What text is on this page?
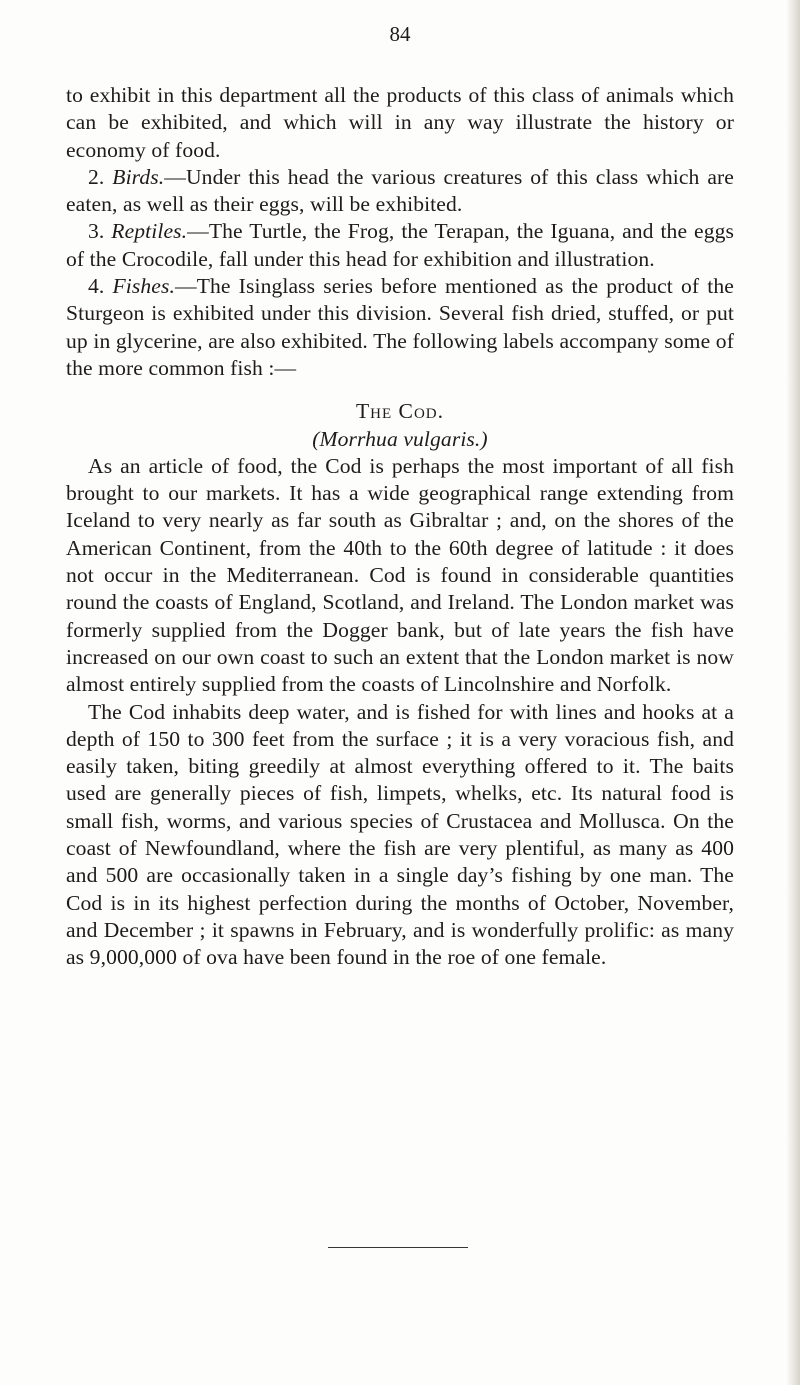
84

to exhibit in this department all the products of this class of animals which can be exhibited, and which will in any way illustrate the history or economy of food.

2. Birds.—Under this head the various creatures of this class which are eaten, as well as their eggs, will be exhibited.

3. Reptiles.—The Turtle, the Frog, the Terapan, the Iguana, and the eggs of the Crocodile, fall under this head for exhibition and illustration.

4. Fishes.—The Isinglass series before mentioned as the product of the Sturgeon is exhibited under this division. Several fish dried, stuffed, or put up in glycerine, are also exhibited. The following labels accompany some of the more common fish :—

The Cod.

(Morrhua vulgaris.)

As an article of food, the Cod is perhaps the most important of all fish brought to our markets. It has a wide geographical range extending from Iceland to very nearly as far south as Gibraltar ; and, on the shores of the American Continent, from the 40th to the 60th degree of latitude : it does not occur in the Mediterranean. Cod is found in considerable quantities round the coasts of England, Scotland, and Ireland. The London market was formerly supplied from the Dogger bank, but of late years the fish have increased on our own coast to such an extent that the London market is now almost entirely supplied from the coasts of Lincolnshire and Norfolk.

The Cod inhabits deep water, and is fished for with lines and hooks at a depth of 150 to 300 feet from the surface ; it is a very voracious fish, and easily taken, biting greedily at almost everything offered to it. The baits used are generally pieces of fish, limpets, whelks, etc. Its natural food is small fish, worms, and various species of Crustacea and Mollusca. On the coast of Newfoundland, where the fish are very plentiful, as many as 400 and 500 are occasionally taken in a single day’s fishing by one man. The Cod is in its highest perfection during the months of October, November, and December ; it spawns in February, and is wonderfully prolific: as many as 9,000,000 of ova have been found in the roe of one female.
